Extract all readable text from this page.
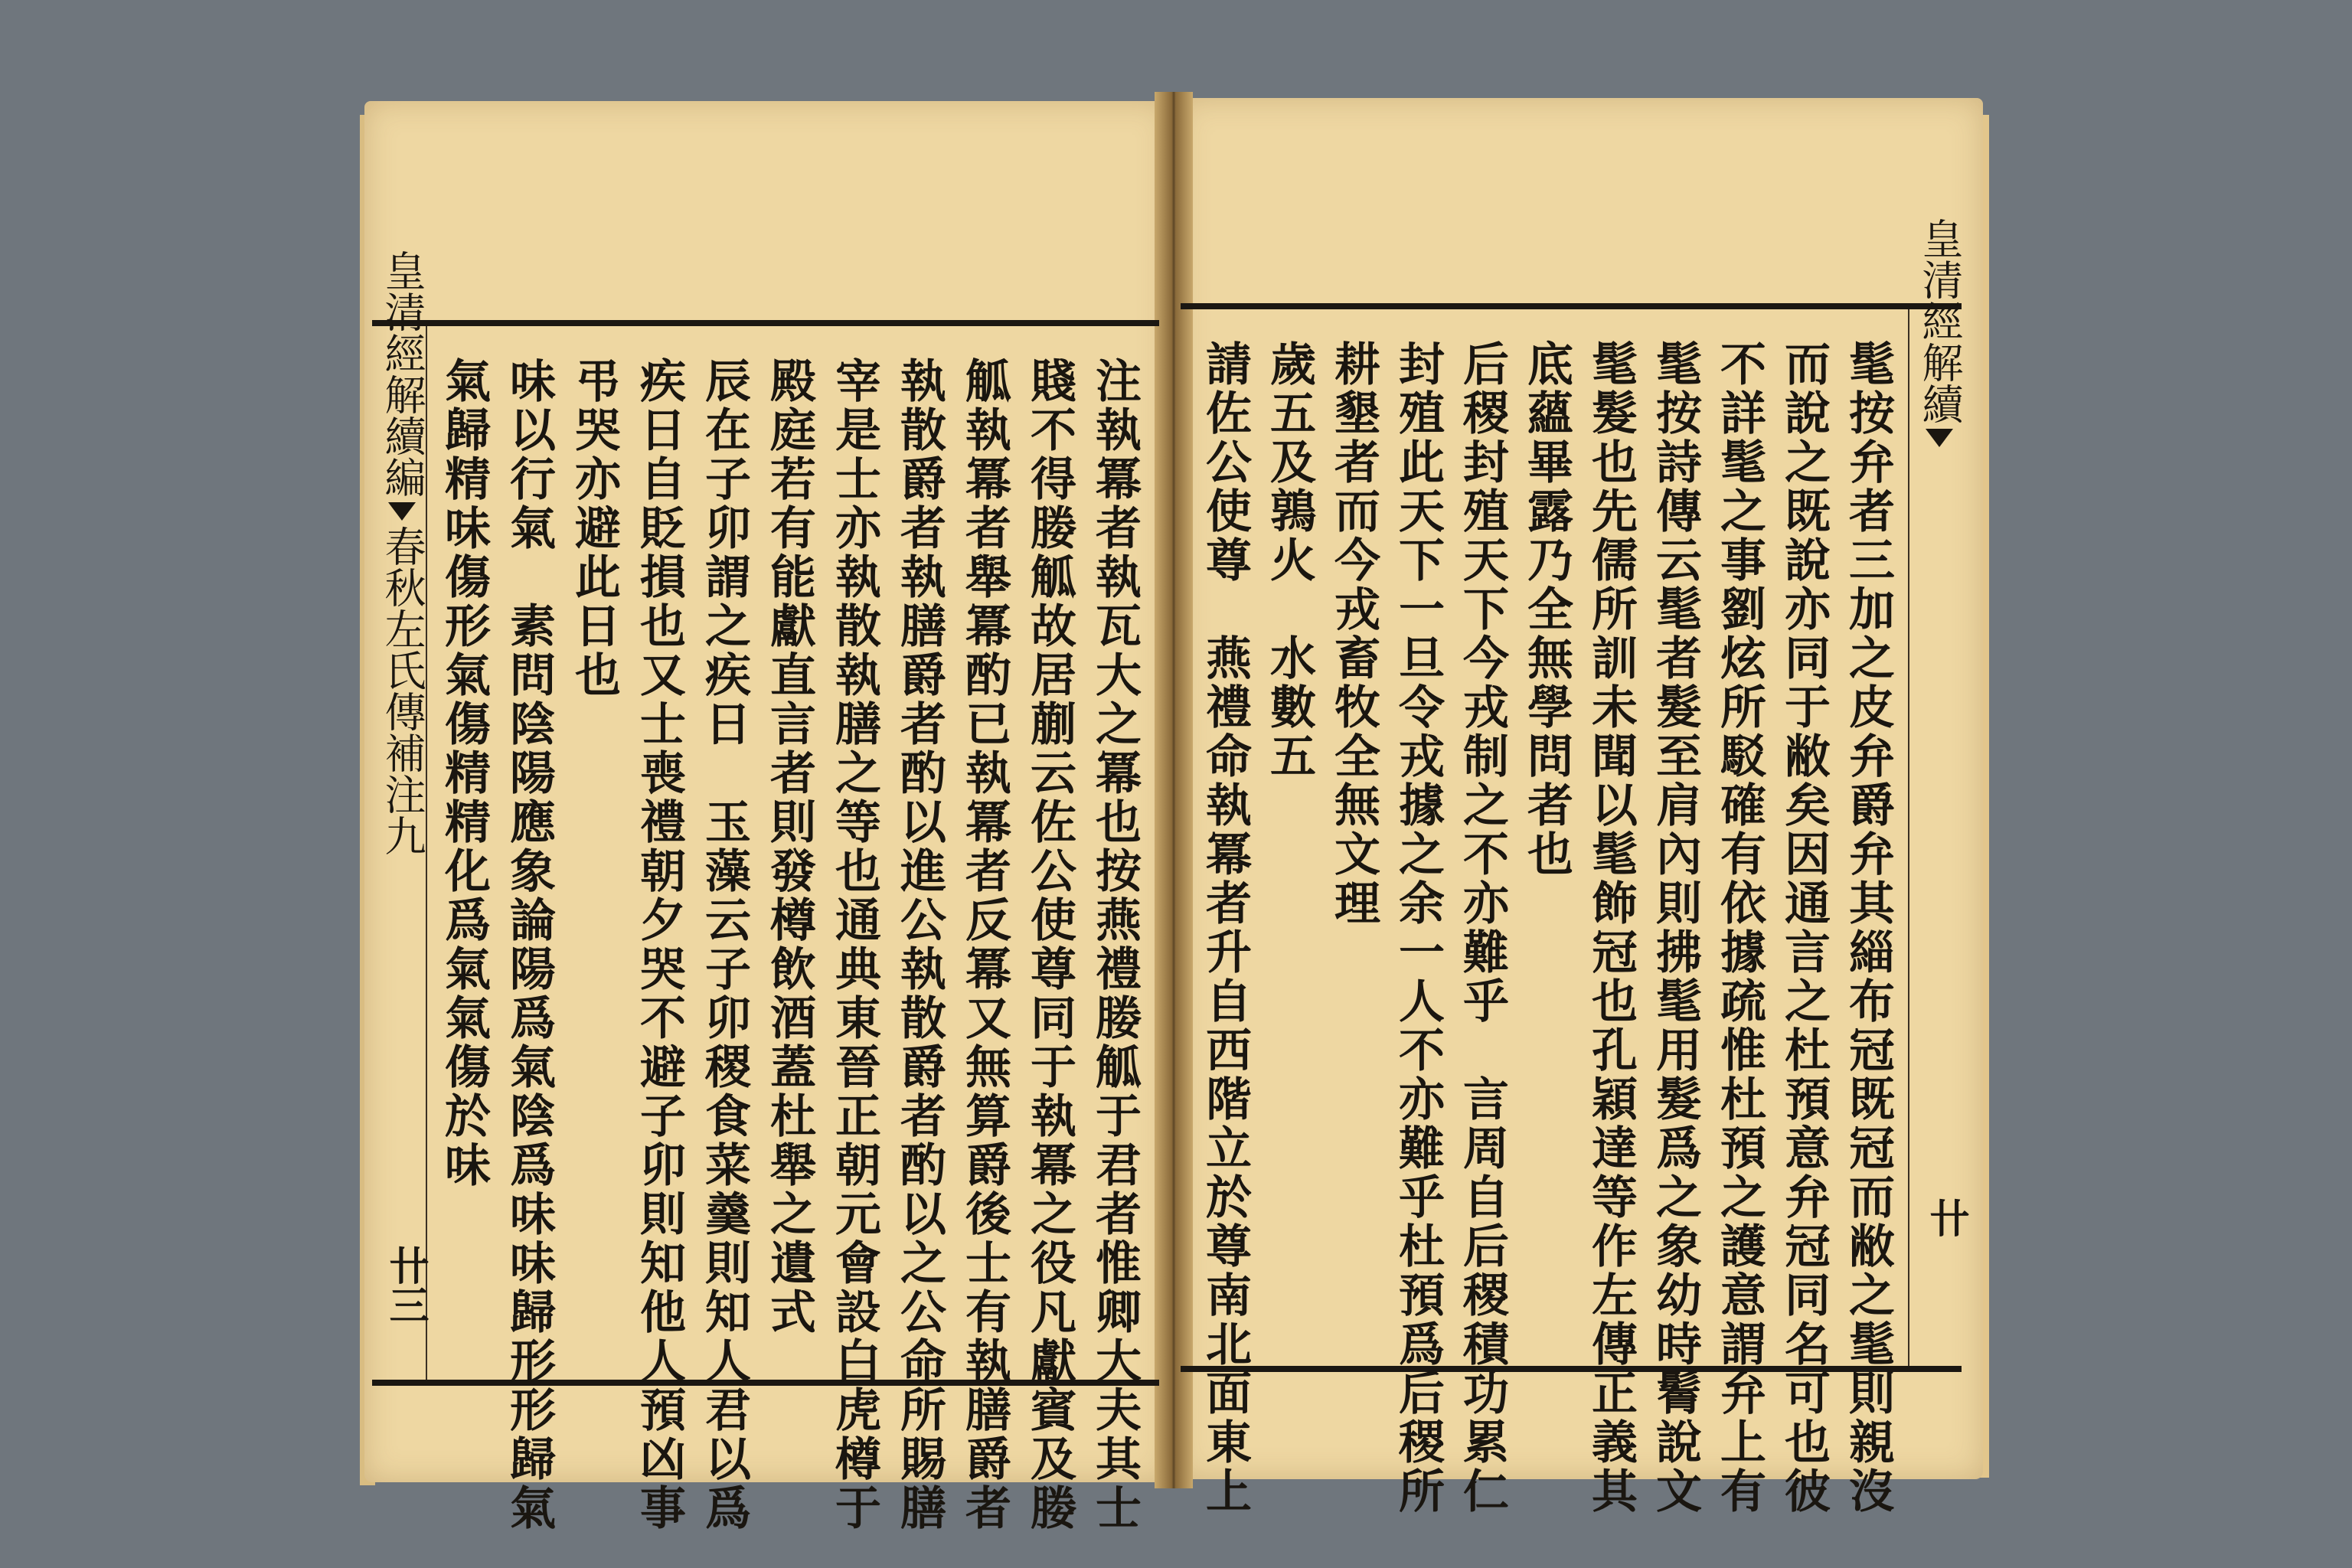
皇清經解續編春秋左氏傳補注九
卄三	注執冪者執瓦大之冪也按燕禮媵觚于君者惟卿大夫其士
賤不得媵觚故居蒯云佐公使尊同于執冪之役凡獻賓及媵
觚執冪者舉冪酌已執冪者反冪又無算爵後士有執膳爵者
執散爵者執膳爵者酌以進公執散爵者酌以之公命所賜膳
宰是士亦執散執膳之等也通典東晉正朝元會設白虎樽于
殿庭若有能獻直言者則發樽飲酒蓋杜舉之遺式
辰在子卯謂之疾日　玉藻云子卯稷食菜羹則知人君以爲
疾日自貶損也又士喪禮朝夕哭不避子卯則知他人預凶事
弔哭亦避此日也
味以行氣　素問陰陽應象論陽爲氣陰爲味味歸形形歸氣
氣歸精味傷形氣傷精精化爲氣氣傷於味
皇清經解續
卄
髦按弁者三加之皮弁爵弁其緇布冠既冠而敝之髦則親沒
而說之既說亦同于敝矣因通言之杜預意弁冠同名可也彼
不詳髦之事劉炫所駁確有依據疏惟杜預之護意謂弁上有
髦按詩傳云髦者髮至肩內則拂髦用髮爲之象幼時鬌說文
髦髮也先儒所訓未聞以髦飾冠也孔穎達等作左傳正義其
底蘊畢露乃全無學問者也
后稷封殖天下今戎制之不亦難乎　言周自后稷積功累仁
封殖此天下一旦令戎據之余一人不亦難乎杜預爲后稷所
耕墾者而今戎畜牧全無文理
歲五及鶉火　水數五
請佐公使尊　燕禮命執冪者升自西階立於尊南北面東上
